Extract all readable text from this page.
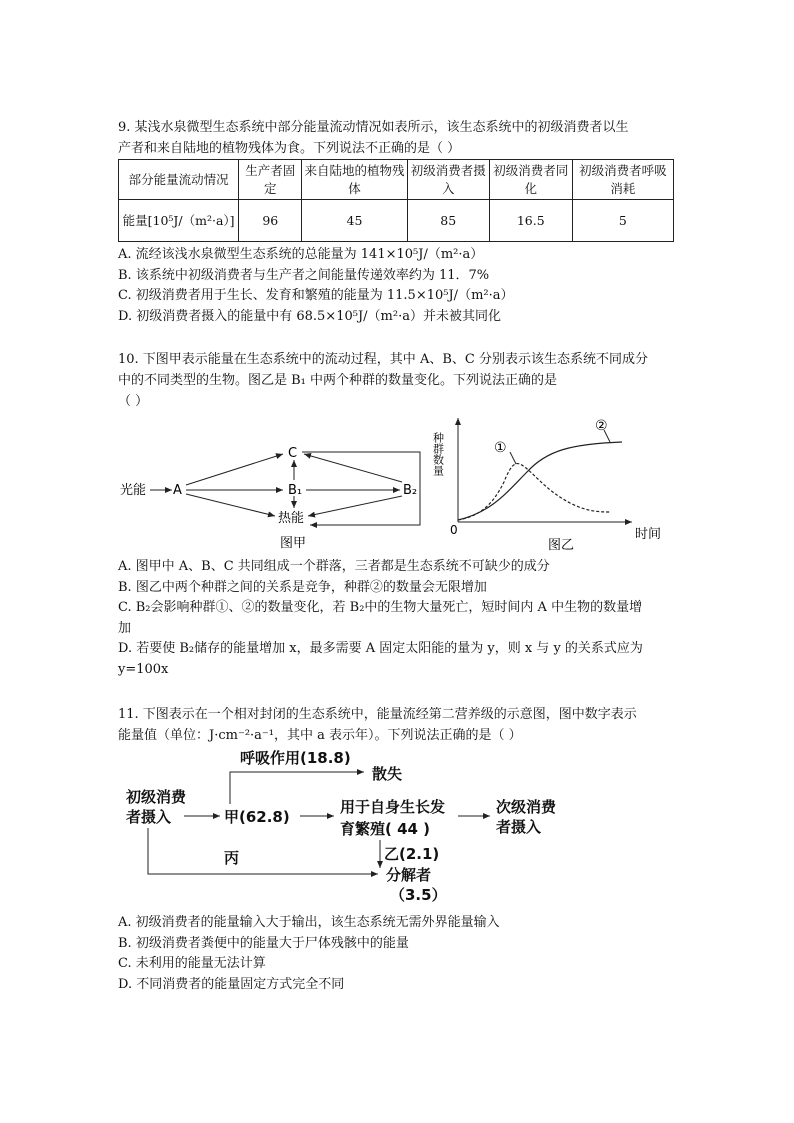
9. 某浅水泉微型生态系统中部分能量流动情况如表所示，该生态系统中的初级消费者以生

产者和来自陆地的植物残体为食。下列说法不正确的是（ ）

部分能量流动情况	生产者固定	来自陆地的植物残体	初级消费者摄入	初级消费者同化	初级消费者呼吸消耗
能量[10⁵J/（m²·a）]	96	45	85	16.5	5

A. 流经该浅水泉微型生态系统的总能量为 141×10⁵J/（m²·a）

B. 该系统中初级消费者与生产者之间能量传递效率约为 11．7%

C. 初级消费者用于生长、发育和繁殖的能量为 11.5×10⁵J/（m²·a）

D. 初级消费者摄入的能量中有 68.5×10⁵J/（m²·a）并未被其同化

10. 下图甲表示能量在生态系统中的流动过程，其中 A、B、C 分别表示该生态系统不同成分

中的不同类型的生物。图乙是 B₁ 中两个种群的数量变化。下列说法正确的是

（ ）

光能 A
C
B₁	B₂
热能
图甲
种群数量
0	时间
①
②
图乙

A. 图甲中 A、B、C 共同组成一个群落，三者都是生态系统不可缺少的成分

B. 图乙中两个种群之间的关系是竞争，种群②的数量会无限增加

C. B₂会影响种群①、②的数量变化，若 B₂中的生物大量死亡，短时间内 A 中生物的数量增

加

D. 若要使 B₂储存的能量增加 x，最多需要 A 固定太阳能的量为 y，则 x 与 y 的关系式应为

y=100x

11. 下图表示在一个相对封闭的生态系统中，能量流经第二营养级的示意图，图中数字表示

能量值（单位：J·cm⁻²·a⁻¹，其中 a 表示年）。下列说法正确的是（ ）

初级消费
者摄入	甲(62.8)
呼吸作用(18.8)
散失
用于自身生长发
育繁殖( 44 )
次级消费
者摄入
乙(2.1)
分解者
（3.5）
丙

A. 初级消费者的能量输入大于输出，该生态系统无需外界能量输入

B. 初级消费者粪便中的能量大于尸体残骸中的能量

C. 未利用的能量无法计算

D. 不同消费者的能量固定方式完全不同
